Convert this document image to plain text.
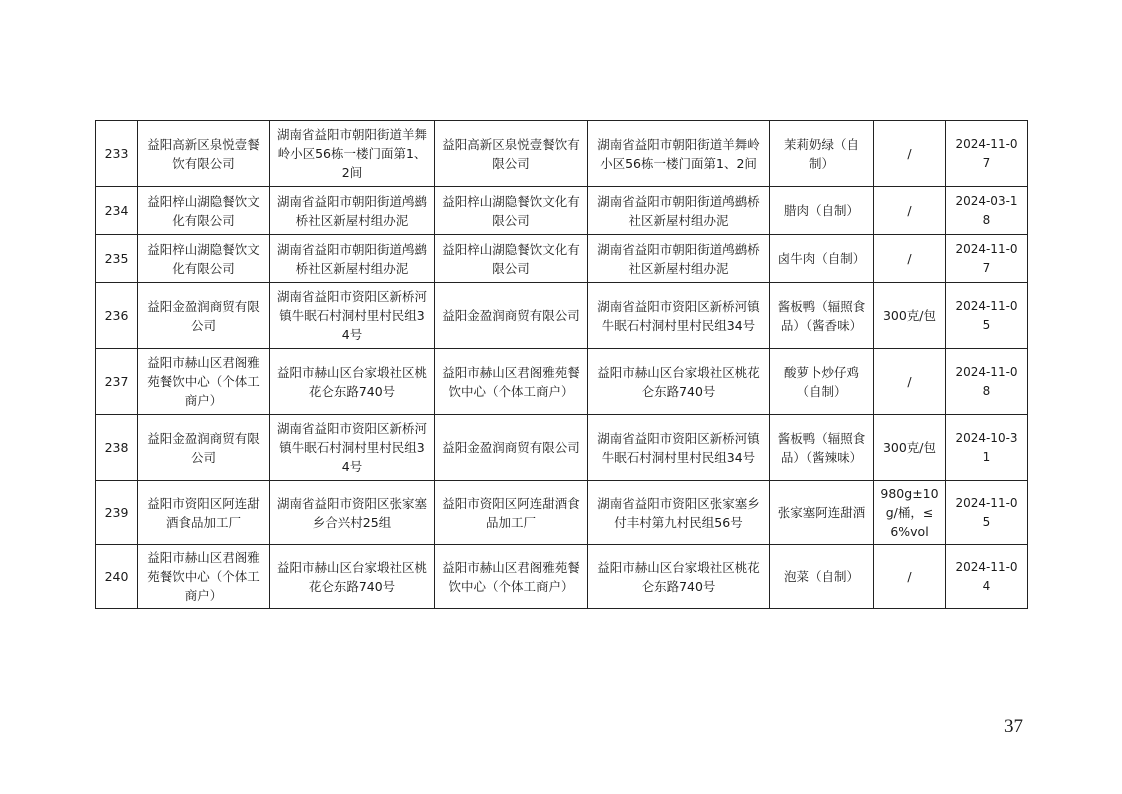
233	益阳高新区泉悦壹餐饮有限公司	湖南省益阳市朝阳街道羊舞岭小区56栋一楼门面第1、2间	益阳高新区泉悦壹餐饮有限公司	湖南省益阳市朝阳街道羊舞岭小区56栋一楼门面第1、2间	茉莉奶绿（自制）	/	2024-11-07
234	益阳梓山湖隐餐饮文化有限公司	湖南省益阳市朝阳街道鸬鹚桥社区新屋村组办泥	益阳梓山湖隐餐饮文化有限公司	湖南省益阳市朝阳街道鸬鹚桥社区新屋村组办泥	腊肉（自制）	/	2024-03-18
235	益阳梓山湖隐餐饮文化有限公司	湖南省益阳市朝阳街道鸬鹚桥社区新屋村组办泥	益阳梓山湖隐餐饮文化有限公司	湖南省益阳市朝阳街道鸬鹚桥社区新屋村组办泥	卤牛肉（自制）	/	2024-11-07
236	益阳金盈润商贸有限公司	湖南省益阳市资阳区新桥河镇牛眠石村洞村里村民组34号	益阳金盈润商贸有限公司	湖南省益阳市资阳区新桥河镇牛眠石村洞村里村民组34号	酱板鸭（辐照食品）（酱香味）	300克/包	2024-11-05
237	益阳市赫山区君阁雅苑餐饮中心（个体工商户）	益阳市赫山区台家塅社区桃花仑东路740号	益阳市赫山区君阁雅苑餐饮中心（个体工商户）	益阳市赫山区台家塅社区桃花仑东路740号	酸萝卜炒仔鸡（自制）	/	2024-11-08
238	益阳金盈润商贸有限公司	湖南省益阳市资阳区新桥河镇牛眠石村洞村里村民组34号	益阳金盈润商贸有限公司	湖南省益阳市资阳区新桥河镇牛眠石村洞村里村民组34号	酱板鸭（辐照食品）（酱辣味）	300克/包	2024-10-31
239	益阳市资阳区阿连甜酒食品加工厂	湖南省益阳市资阳区张家塞乡合兴村25组	益阳市资阳区阿连甜酒食品加工厂	湖南省益阳市资阳区张家塞乡付丰村第九村民组56号	张家塞阿连甜酒	980g±10g/桶，≤6%vol	2024-11-05
240	益阳市赫山区君阁雅苑餐饮中心（个体工商户）	益阳市赫山区台家塅社区桃花仑东路740号	益阳市赫山区君阁雅苑餐饮中心（个体工商户）	益阳市赫山区台家塅社区桃花仑东路740号	泡菜（自制）	/	2024-11-04
37
